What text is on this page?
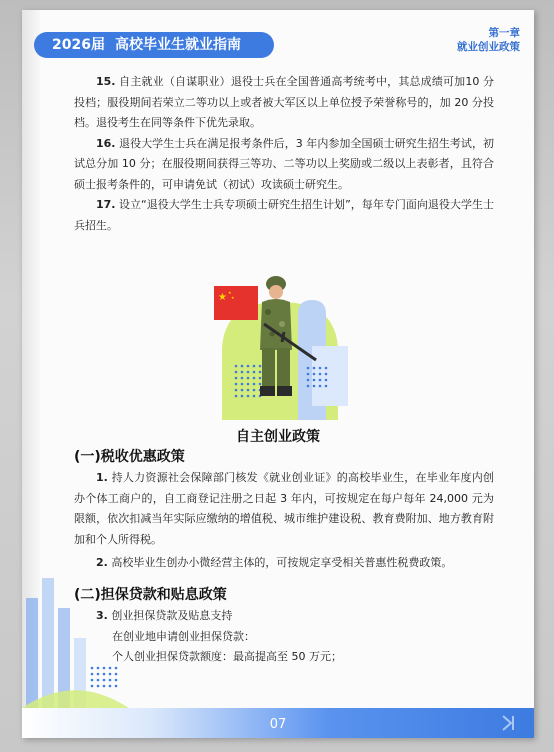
2026届 高校毕业生就业指南
第一章
就业创业政策

15. 自主就业（自谋职业）退役士兵在全国普通高考统考中，其总成绩可加10 分投档；服役期间若荣立二等功以上或者被大军区以上单位授予荣誉称号的，加 20 分投档。退役考生在同等条件下优先录取。

16. 退役大学生士兵在满足报考条件后，3 年内参加全国硕士研究生招生考试，初试总分加 10 分；在服役期间获得三等功、二等功以上奖励或二级以上表彰者，且符合硕士报考条件的，可申请免试（初试）攻读硕士研究生。

17. 设立“退役大学生士兵专项硕士研究生招生计划”，每年专门面向退役大学生士兵招生。

★ ★
★
自主创业政策
(一)税收优惠政策

1. 持人力资源社会保障部门核发《就业创业证》的高校毕业生，在毕业年度内创办个体工商户的，自工商登记注册之日起 3 年内，可按规定在每户每年 24,000 元为限额，依次扣减当年实际应缴纳的增值税、城市维护建设税、教育费附加、地方教育附加和个人所得税。

2. 高校毕业生创办小微经营主体的，可按规定享受相关普惠性税费政策。

(二)担保贷款和贴息政策

3. 创业担保贷款及贴息支持

在创业地申请创业担保贷款：

个人创业担保贷款额度：最高提高至 50 万元；

07
